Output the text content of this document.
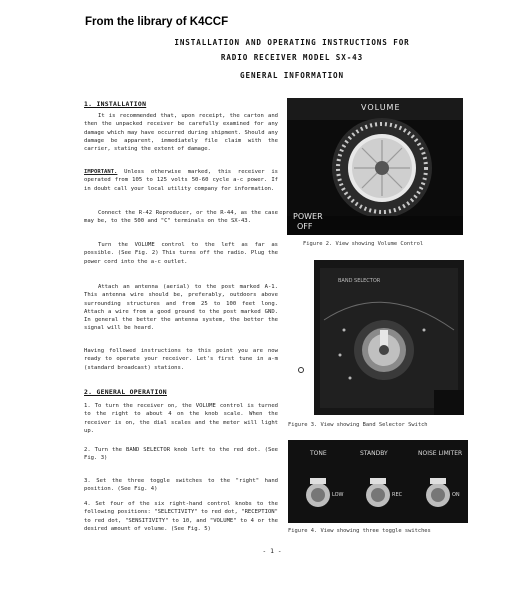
From the library of K4CCF
INSTALLATION AND OPERATING INSTRUCTIONS FOR
RADIO RECEIVER MODEL SX-43
GENERAL INFORMATION
1. INSTALLATION
It is recommended that, upon receipt, the carton and then the unpacked receiver be carefully examined for any damage which may have occurred during shipment. Should any damage be apparent, immediately file claim with the carrier, stating the extent of damage.
IMPORTANT. Unless otherwise marked, this receiver is operated from 105 to 125 volts 50-60 cycle a-c power. If in doubt call your local utility company for information.
Connect the R-42 Reproducer, or the R-44, as the case may be, to the 500 and "C" terminals on the SX-43.
Turn the VOLUME control to the left as far as possible. (See Fig. 2) This turns off the radio. Plug the power cord into the a-c outlet.
Attach an antenna (aerial) to the post marked A-1. This antenna wire should be, preferably, outdoors above surrounding structures and from 25 to 100 feet long. Attach a wire from a good ground to the post marked GND. In general the better the antenna system, the better the signal will be heard.
Having followed instructions to this point you are now ready to operate your receiver. Let's first tune in a-m (standard broadcast) stations.
2. GENERAL OPERATION
1. To turn the receiver on, the VOLUME control is turned to the right to about 4 on the knob scale. When the receiver is on, the dial scales and the meter will light up.
2. Turn the BAND SELECTOR knob left to the red dot. (See Fig. 3)
3. Set the three toggle switches to the "right" hand position. (See Fig. 4)
4. Set four of the six right-hand control knobs to the following positions: "SELECTIVITY" to red dot, "RECEPTION" to red dot, "SENSITIVITY" to 10, and "VOLUME" to 4 or the desired amount of volume. (See Fig. 5)
VOLUME
POWER
OFF
Figure 2. View showing Volume Control
BAND SELECTOR
Figure 3. View showing Band Selector Switch
TONE	STANDBY	NOISE LIMITER
LOW	REC	ON
Figure 4. View showing three toggle switches
- 1 -
